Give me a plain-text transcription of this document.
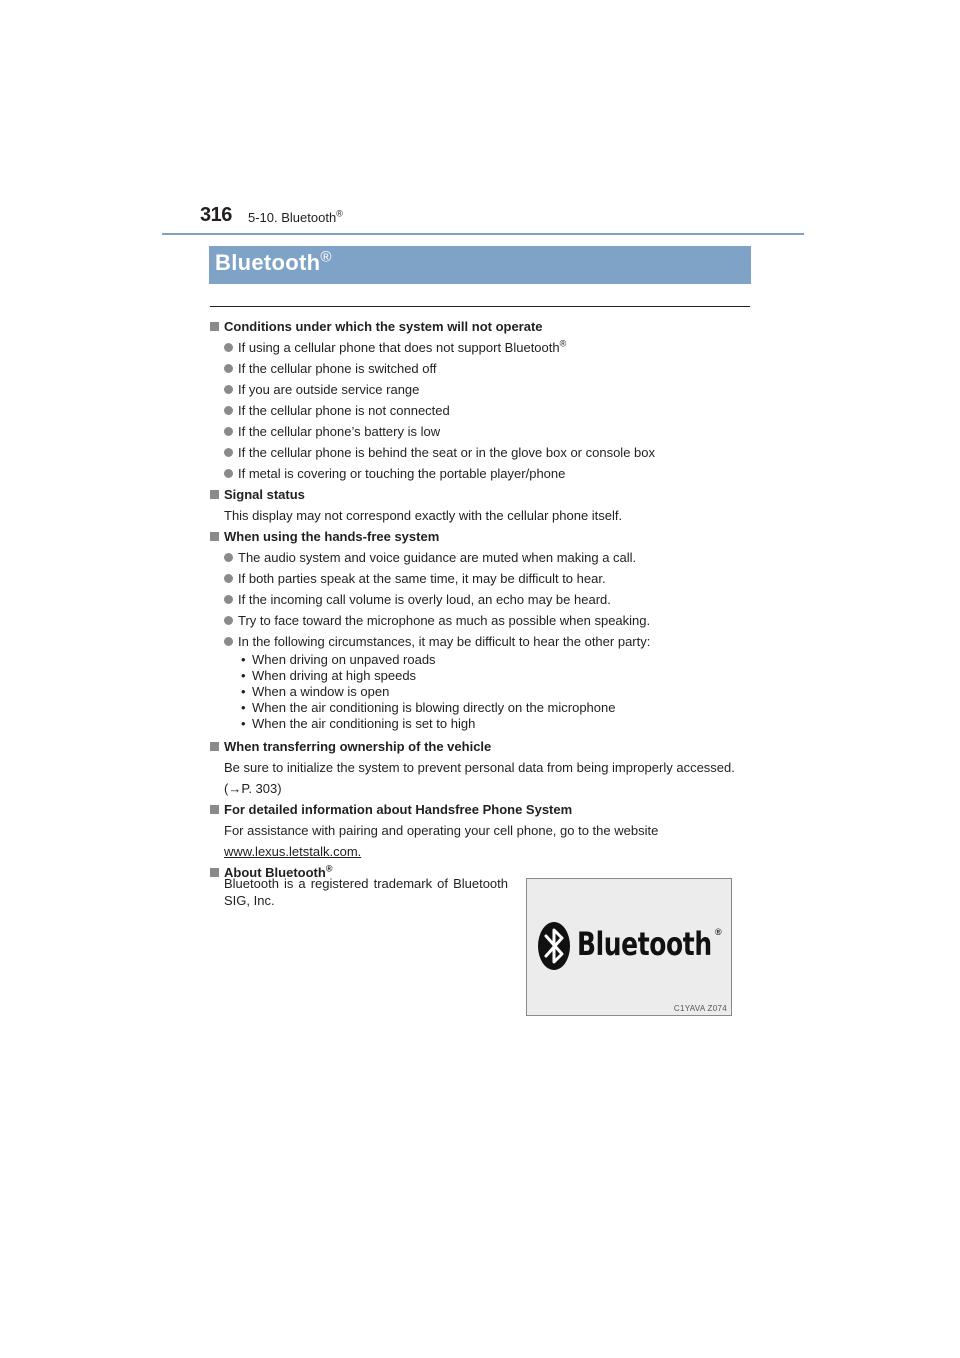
316 5-10. Bluetooth®
Bluetooth®
Conditions under which the system will not operate
If using a cellular phone that does not support Bluetooth®
If the cellular phone is switched off
If you are outside service range
If the cellular phone is not connected
If the cellular phone’s battery is low
If the cellular phone is behind the seat or in the glove box or console box
If metal is covering or touching the portable player/phone
Signal status
This display may not correspond exactly with the cellular phone itself.
When using the hands-free system
The audio system and voice guidance are muted when making a call.
If both parties speak at the same time, it may be difficult to hear.
If the incoming call volume is overly loud, an echo may be heard.
Try to face toward the microphone as much as possible when speaking.
In the following circumstances, it may be difficult to hear the other party:
• When driving on unpaved roads
• When driving at high speeds
• When a window is open
• When the air conditioning is blowing directly on the microphone
• When the air conditioning is set to high
When transferring ownership of the vehicle
Be sure to initialize the system to prevent personal data from being improperly accessed.
(→P. 303)
For detailed information about Handsfree Phone System
For assistance with pairing and operating your cell phone, go to the website
www.lexus.letstalk.com.
About Bluetooth®
Bluetooth is a registered trademark of Bluetooth SIG, Inc.
Bluetooth ®
C1YAVA Z074
